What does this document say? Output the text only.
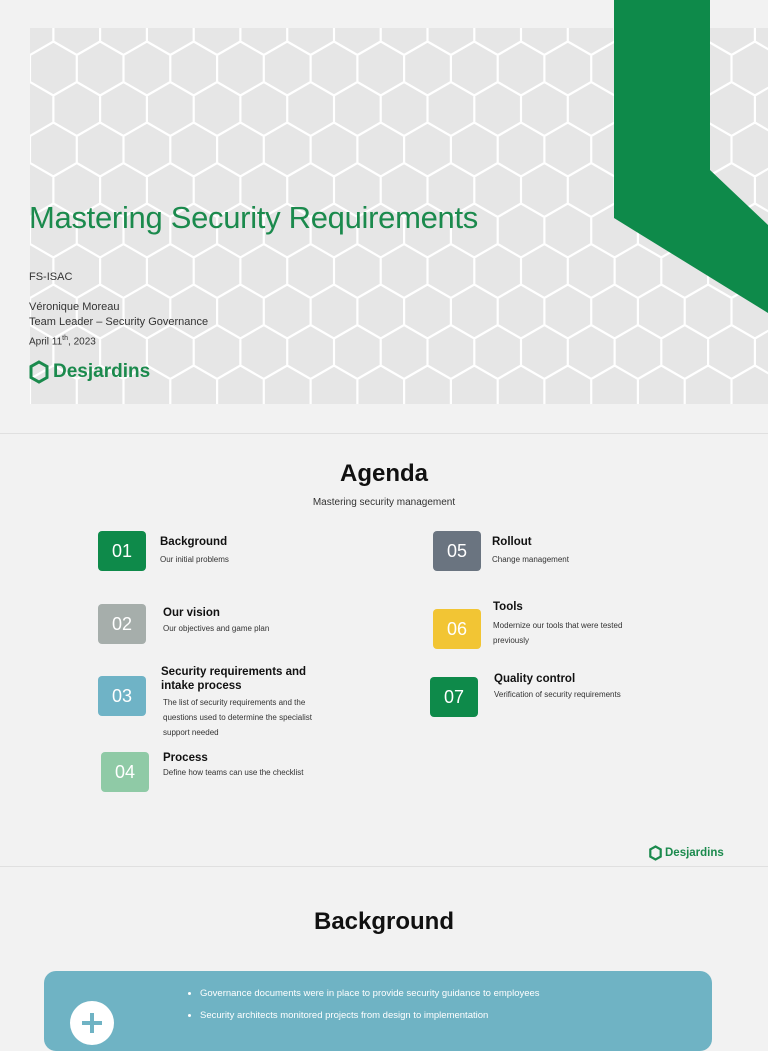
Mastering Security Requirements
FS-ISAC
Véronique Moreau
Team Leader – Security Governance
April 11th, 2023
Desjardins
Agenda
Mastering security management
01	Background
Our initial problems
02
Our vision
Our objectives and game plan
03
Security requirements and intake process
The list of security requirements and the questions used to determine the specialist support needed
04
Process
Define how teams can use the checklist
05	Rollout
Change management
06
Tools
Modernize our tools that were tested previously
07
Quality control
Verification of security requirements
Desjardins
Background
• Governance documents were in place to provide security guidance to employees
• Security architects monitored projects from design to implementation
